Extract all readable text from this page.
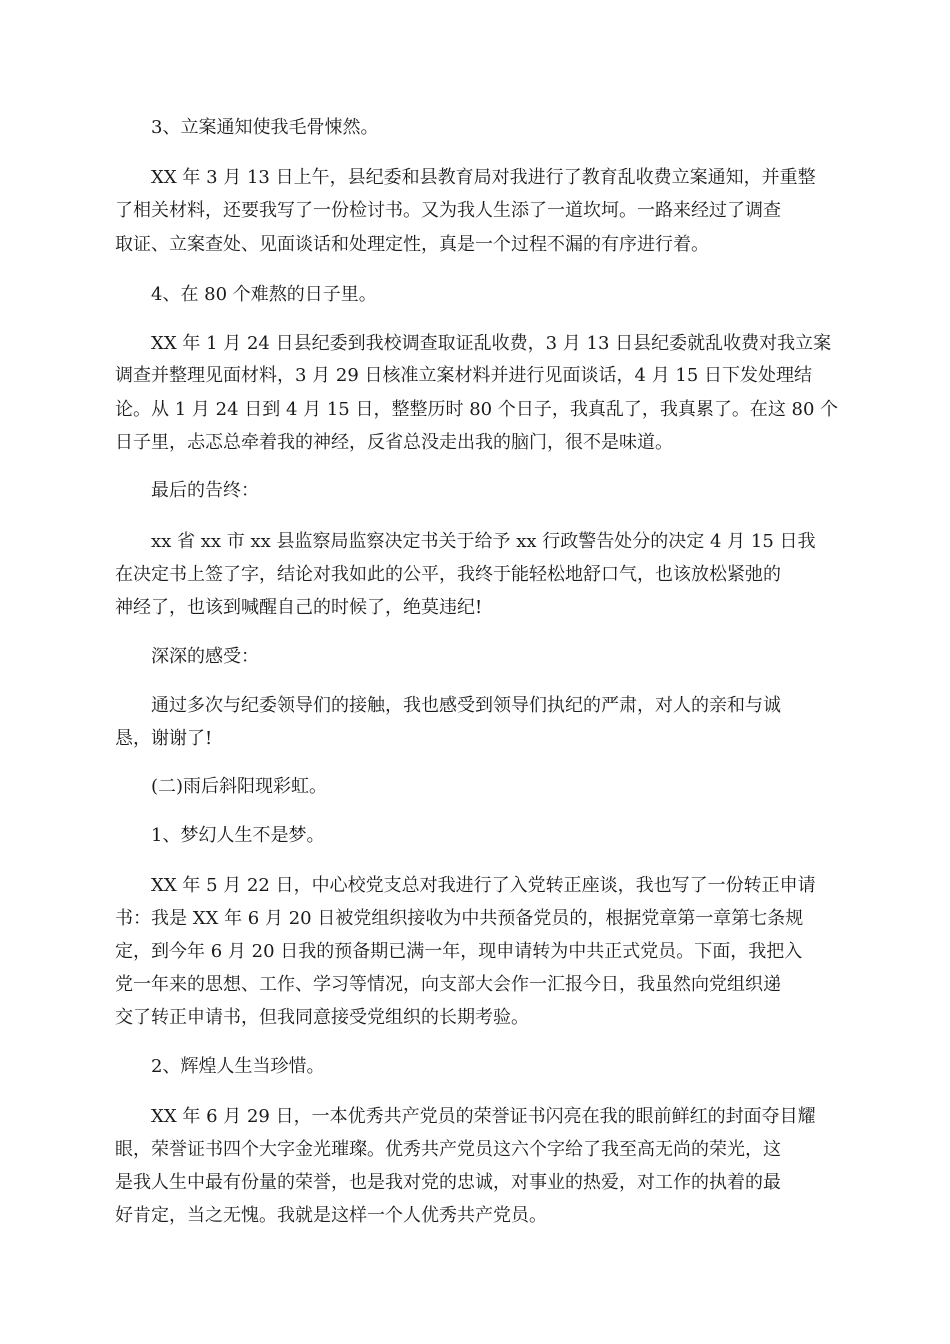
3、立案通知使我毛骨悚然。

XX 年 3 月 13 日上午，县纪委和县教育局对我进行了教育乱收费立案通知，并重整

了相关材料，还要我写了一份检讨书。又为我人生添了一道坎坷。一路来经过了调查

取证、立案查处、见面谈话和处理定性，真是一个过程不漏的有序进行着。

4、在 80 个难熬的日子里。

XX 年 1 月 24 日县纪委到我校调查取证乱收费，3 月 13 日县纪委就乱收费对我立案

调查并整理见面材料，3 月 29 日核准立案材料并进行见面谈话，4 月 15 日下发处理结

论。从 1 月 24 日到 4 月 15 日，整整历时 80 个日子，我真乱了，我真累了。在这 80 个

日子里，忐忑总牵着我的神经，反省总没走出我的脑门，很不是味道。

最后的告终：

xx 省 xx 市 xx 县监察局监察决定书关于给予 xx 行政警告处分的决定 4 月 15 日我

在决定书上签了字，结论对我如此的公平，我终于能轻松地舒口气，也该放松紧弛的

神经了，也该到喊醒自己的时候了，绝莫违纪!

深深的感受：

通过多次与纪委领导们的接触，我也感受到领导们执纪的严肃，对人的亲和与诚

恳，谢谢了!

(二)雨后斜阳现彩虹。

1、梦幻人生不是梦。

XX 年 5 月 22 日，中心校党支总对我进行了入党转正座谈，我也写了一份转正申请

书：我是 XX 年 6 月 20 日被党组织接收为中共预备党员的，根据党章第一章第七条规

定，到今年 6 月 20 日我的预备期已满一年，现申请转为中共正式党员。下面，我把入

党一年来的思想、工作、学习等情况，向支部大会作一汇报今日，我虽然向党组织递

交了转正申请书，但我同意接受党组织的长期考验。

2、辉煌人生当珍惜。

XX 年 6 月 29 日，一本优秀共产党员的荣誉证书闪亮在我的眼前鲜红的封面夺目耀

眼，荣誉证书四个大字金光璀璨。优秀共产党员这六个字给了我至高无尚的荣光，这

是我人生中最有份量的荣誉，也是我对党的忠诚，对事业的热爱，对工作的执着的最

好肯定，当之无愧。我就是这样一个人优秀共产党员。
